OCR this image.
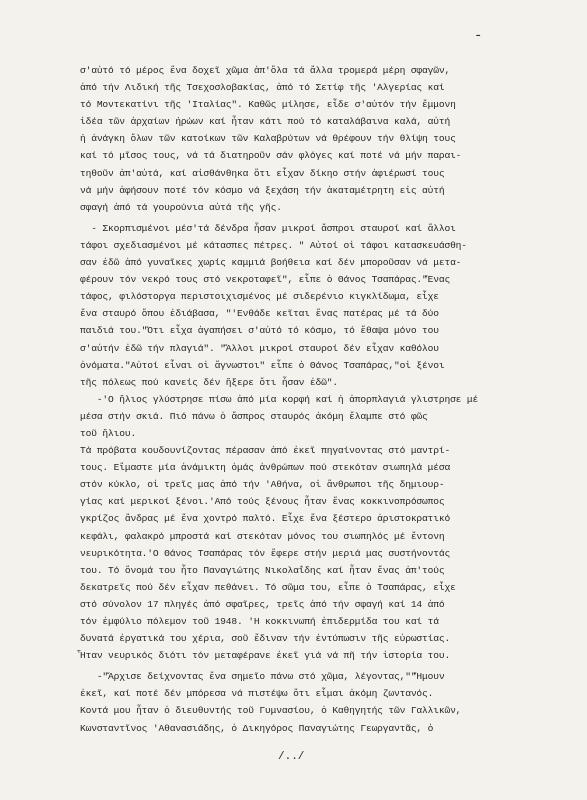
-
σ'αὐτό τό μέρος ἕνα δοχεῖ χῶμα ἀπ'ὅλα τά ἄλλα τρομερά μέρη σφαγῶν,
ἀπό τήν Λιδική τῆς Τσεχοσλοβακίας, ἀπό τό Σετίφ τῆς 'Αλγερίας καί
τό Μοντεκατίνι τῆς 'Ιταλίας". Καθῶς μίλησε, εἶδε σ'αὐτόν τήν ἔμμονη
ἰδέα τῶν ἀρχαίων ἡρώων καί ἦταν κάτι πού τό καταλάβαινα καλά, αὐτή
ἡ ἀνάγκη ὅλων τῶν κατοίκων τῶν Καλαβρύτων νά θρέφουν τήν θλίψη τους
καί τό μῖσος τους, νά τά διατηροῦν σάν φλόγες καί ποτέ νά μήν παραι-
τηθοῦν ἀπ'αὐτά, καί αἰσθάνθηκα ὅτι εἶχαν δίκηο στήν ἀφιέρωσί τους
νά μήν ἀφήσουν ποτέ τόν κόσμο νά ξεχάση τήν ἀκαταμέτρητη εἰς αὐτή
σφαγή ἀπό τά γουρούνια αὐτά τῆς γῆς.
- Σκορπισμένοι μέσ'τά δένδρα ἦσαν μικροί ἄσπροι σταυροί καί ἄλλοι
τάφοι σχεδιασμένοι μέ κάτασπες πέτρες. " Αὐτοί οἱ τάφοι κατασκευάσθη-
σαν ἐδῶ ἀπό γυναῖκες χωρίς καμμιά βοήθεια καί δέν μποροῦσαν νά μετα-
φέρουν τόν νεκρό τους στό νεκροταφεῖ", εἶπε ὁ Θάνος Τσαπάρας."Ἕνας
τάφος, φιλόστοργα περιστοιχισμένος μέ σιδερένιο κιγκλίδωμα, εἶχε
ἕνα σταυρό ὅπου ἐδιάβασα, "'Ενθάδε κεῖται ἕνας πατέρας μέ τά δύο
παιδιά του."Ὅτι εἶχα ἀγαπήσει σ'αὐτό τό κόσμο, τό ἔθαψα μόνο του
σ'αὐτήν ἐδῶ τήν πλαγιά". "Ἄλλοι μικροί σταυροί δέν εἶχαν καθόλου
ὀνόματα."Αὐτοί εἶναι οἱ ἄγνωστοι" εἶπε ὁ Θάνος Τσαπάρας,"οἱ ξένοι
τῆς πόλεως πού κανείς δέν ἤξερε ὅτι ἦσαν ἐδῶ".
-'Ο ἥλιος γλύστρησε πίσω ἀπό μία κορφή καί ἡ ἀπορπλαγιά γλιστρησε μέ
μέσα στήν σκιά. Πιό πάνω ὁ ἄσπρος σταυρός ἀκόμη ἔλαμπε στό φῶς
τοῦ ἥλιου.
Τά πρόβατα κουδουνίζοντας πέρασαν ἀπό ἐκεῖ πηγαίνοντας στό μαντρί-
τους. Εἴμαστε μία ἀνάμικτη ὁμάς ἀνθρώπων πού στεκόταν σιωπηλά μέσα
στόν κύκλο, οἱ τρεῖς μας ἀπό τήν 'Αθήνα, οἱ ἄνθρωποι τῆς δημιουρ-
γίας καί μερικοί ξένοι.'Από τούς ξένους ἦταν ἕνας κοκκινοπρόσωπος
γκρίζος ἄνδρας μέ ἕνα χοντρό παλτό. Εἶχε ἕνα ξέστερο ἀριστοκρατικό
κεφάλι, φαλακρό μπροστά καί στεκόταν μόνος του σιωπηλός μέ ἔντονη
νευρικότητα.'Ο Θάνος Τσαπάρας τόν ἔφερε στήν μεριά μας συστήνοντάς
του. Τό ὄνομά του ἦτο Παναγιώτης Νικολαΐδης καί ἦταν ἕνας ἀπ'τούς
δεκατρεῖς πού δέν εἶχαν πεθάνει. Τό σῶμα του, εἶπε ὁ Τσαπάρας, εἶχε
στό σύνολον 17 πληγές ἀπό σφαῖρες, τρεῖς ἀπό τήν σφαγή καί 14 ἀπό
τόν ἐμφύλιο πόλεμον τοῦ 1948. 'Η κοκκινωπή ἐπιδερμίδα του καί τά
δυνατά ἐργατικά του χέρια, σοῦ ἔδιναν τήν ἐντύπωσιν τῆς εὐρωστίας.
Ἦταν νευρικός διότι τόν μεταφέρανε ἐκεῖ γιά νά πῆ τήν ἱστορία του.
-"Ἄρχισε δείχνοντας ἕνα σημεῖο πάνω στό χῶμα, λέγοντας,""Ἤμουν
ἐκεῖ, καί ποτέ δέν μπόρεσα νά πιστέψω ὅτι εἶμαι ἀκόμη ζωντανός.
Κοντά μου ἦταν ὁ διευθυντής τοῦ Γυμνασίου, ὁ Καθηγητής τῶν Γαλλικῶν,
Κωνσταντῖνος 'Αθανασιάδης, ὁ Δικηγόρος Παναγιώτης Γεωργαντᾶς, ὁ
/../
